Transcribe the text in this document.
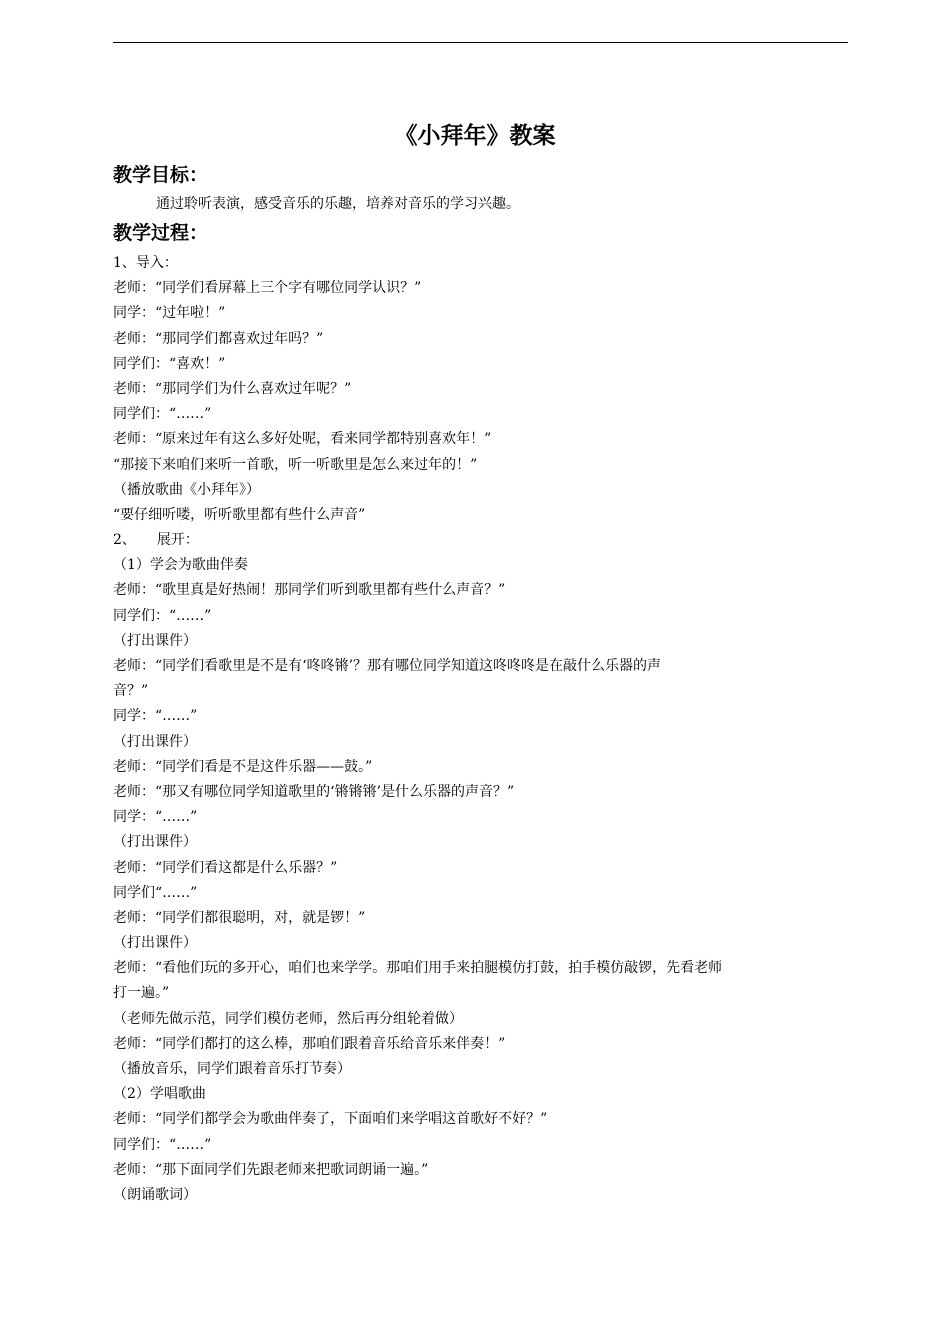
《小拜年》教案
教学目标：
通过聆听表演，感受音乐的乐趣，培养对音乐的学习兴趣。
教学过程：
1、导入：
老师：“同学们看屏幕上三个字有哪位同学认识？”
同学：“过年啦！”
老师：“那同学们都喜欢过年吗？”
同学们：“喜欢！”
老师：“那同学们为什么喜欢过年呢？”
同学们：“……”
老师：“原来过年有这么多好处呢，看来同学都特别喜欢年！”
“那接下来咱们来听一首歌，听一听歌里是怎么来过年的！”
（播放歌曲《小拜年》）
“要仔细听喽，听听歌里都有些什么声音”
2、　　展开：
（1）学会为歌曲伴奏
老师：“歌里真是好热闹！那同学们听到歌里都有些什么声音？”
同学们：“……”
（打出课件）
老师：“同学们看歌里是不是有‘咚咚锵’？那有哪位同学知道这咚咚咚是在敲什么乐器的声
音？”
同学：“……”
（打出课件）
老师：“同学们看是不是这件乐器——鼓。”
老师：“那又有哪位同学知道歌里的‘锵锵锵’是什么乐器的声音？”
同学：“……”
（打出课件）
老师：“同学们看这都是什么乐器？”
同学们“……”
老师：“同学们都很聪明，对，就是锣！”
（打出课件）
老师：“看他们玩的多开心，咱们也来学学。那咱们用手来拍腿模仿打鼓，拍手模仿敲锣，先看老师
打一遍。”
（老师先做示范，同学们模仿老师，然后再分组轮着做）
老师：“同学们都打的这么棒，那咱们跟着音乐给音乐来伴奏！”
（播放音乐，同学们跟着音乐打节奏）
（2）学唱歌曲
老师：“同学们都学会为歌曲伴奏了，下面咱们来学唱这首歌好不好？”
同学们：“……”
老师：“那下面同学们先跟老师来把歌词朗诵一遍。”
（朗诵歌词）
